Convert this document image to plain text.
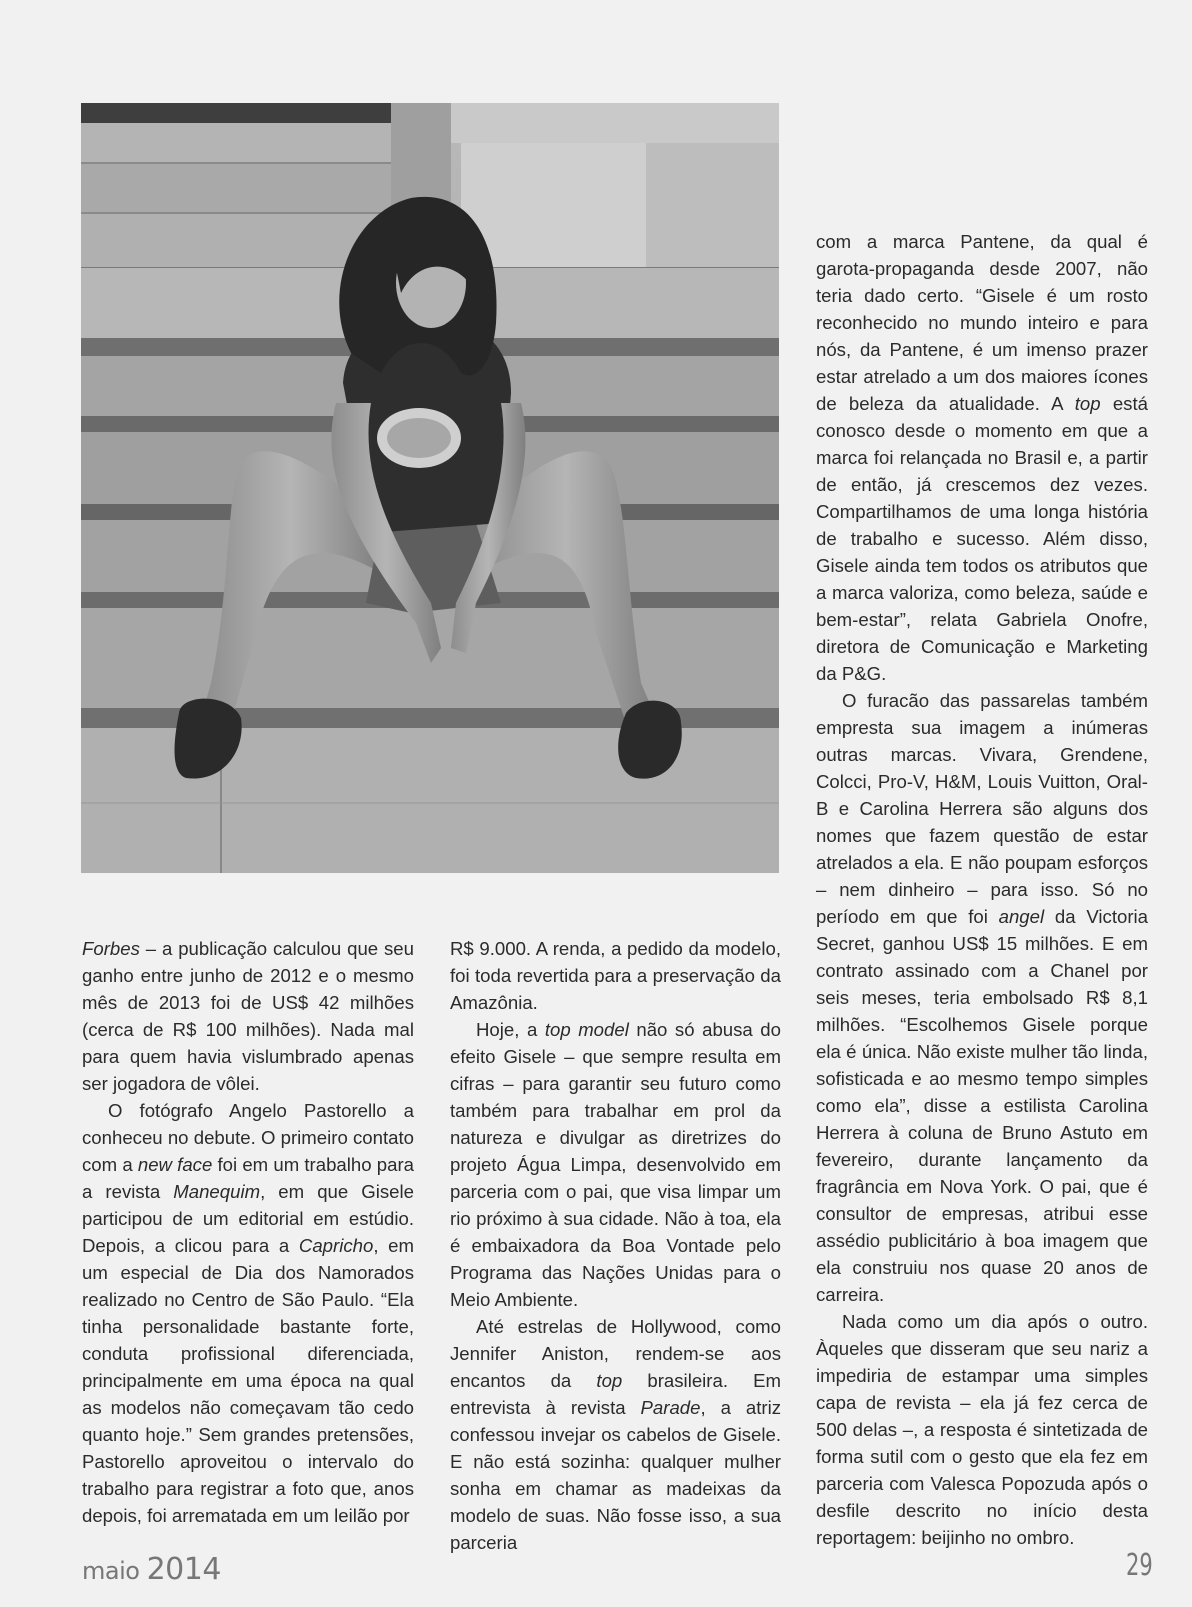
Forbes – a publicação calculou que seu ganho entre junho de 2012 e o mesmo mês de 2013 foi de US$ 42 milhões (cerca de R$ 100 milhões). Nada mal para quem havia vislumbrado apenas ser jogadora de vôlei.

O fotógrafo Angelo Pastorello a conheceu no debute. O primeiro contato com a new face foi em um trabalho para a revista Manequim, em que Gisele participou de um editorial em estúdio. Depois, a clicou para a Capricho, em um especial de Dia dos Namorados realizado no Centro de São Paulo. “Ela tinha personalidade bastante forte, conduta profissional diferenciada, principalmente em uma época na qual as modelos não começavam tão cedo quanto hoje.” Sem grandes pretensões, Pastorello aproveitou o intervalo do trabalho para registrar a foto que, anos depois, foi arrematada em um leilão por

R$ 9.000. A renda, a pedido da modelo, foi toda revertida para a preservação da Amazônia.

Hoje, a top model não só abusa do efeito Gisele – que sempre resulta em cifras – para garantir seu futuro como também para trabalhar em prol da natureza e divulgar as diretrizes do projeto Água Limpa, desenvolvido em parceria com o pai, que visa limpar um rio próximo à sua cidade. Não à toa, ela é embaixadora da Boa Vontade pelo Programa das Nações Unidas para o Meio Ambiente.

Até estrelas de Hollywood, como Jennifer Aniston, rendem-se aos encantos da top brasileira. Em entrevista à revista Parade, a atriz confessou invejar os cabelos de Gisele. E não está sozinha: qualquer mulher sonha em chamar as madeixas da modelo de suas. Não fosse isso, a sua parceria

com a marca Pantene, da qual é garota-propaganda desde 2007, não teria dado certo. “Gisele é um rosto reconhecido no mundo inteiro e para nós, da Pantene, é um imenso prazer estar atrelado a um dos maiores ícones de beleza da atualidade. A top está conosco desde o momento em que a marca foi relançada no Brasil e, a partir de então, já crescemos dez vezes. Compartilhamos de uma longa história de trabalho e sucesso. Além disso, Gisele ainda tem todos os atributos que a marca valoriza, como beleza, saúde e bem-estar”, relata Gabriela Onofre, diretora de Comunicação e Marketing da P&G.

O furacão das passarelas também empresta sua imagem a inúmeras outras marcas. Vivara, Grendene, Colcci, Pro-V, H&M, Louis Vuitton, Oral-B e Carolina Herrera são alguns dos nomes que fazem questão de estar atrelados a ela. E não poupam esforços – nem dinheiro – para isso. Só no período em que foi angel da Victoria Secret, ganhou US$ 15 milhões. E em contrato assinado com a Chanel por seis meses, teria embolsado R$ 8,1 milhões. “Escolhemos Gisele porque ela é única. Não existe mulher tão linda, sofisticada e ao mesmo tempo simples como ela”, disse a estilista Carolina Herrera à coluna de Bruno Astuto em fevereiro, durante lançamento da fragrância em Nova York. O pai, que é consultor de empresas, atribui esse assédio publicitário à boa imagem que ela construiu nos quase 20 anos de carreira.

Nada como um dia após o outro. Àqueles que disseram que seu nariz a impediria de estampar uma simples capa de revista – ela já fez cerca de 500 delas –, a resposta é sintetizada de forma sutil com o gesto que ela fez em parceria com Valesca Popozuda após o desfile descrito no início desta reportagem: beijinho no ombro.

maio 2014	29
